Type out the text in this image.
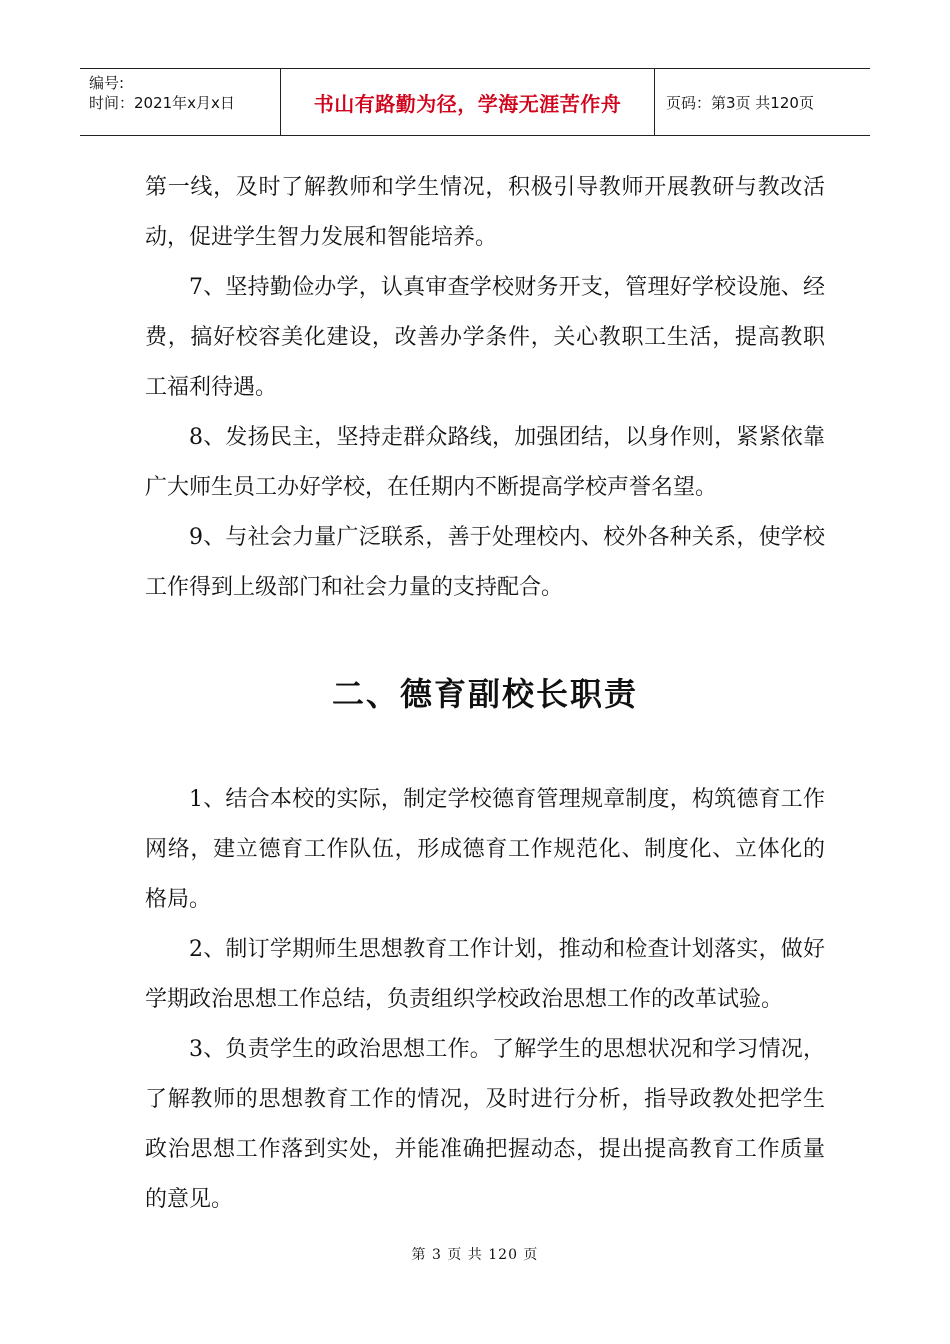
编号:
时间：2021年x月x日	书山有路勤为径，学海无涯苦作舟	页码：第3页 共120页

第一线，及时了解教师和学生情况，积极引导教师开展教研与教改活动，促进学生智力发展和智能培养。

7、坚持勤俭办学，认真审查学校财务开支，管理好学校设施、经费，搞好校容美化建设，改善办学条件，关心教职工生活，提高教职工福利待遇。

8、发扬民主，坚持走群众路线，加强团结，以身作则，紧紧依靠广大师生员工办好学校，在任期内不断提高学校声誉名望。

9、与社会力量广泛联系，善于处理校内、校外各种关系，使学校工作得到上级部门和社会力量的支持配合。

二、德育副校长职责

1、结合本校的实际，制定学校德育管理规章制度，构筑德育工作网络，建立德育工作队伍，形成德育工作规范化、制度化、立体化的格局。

2、制订学期师生思想教育工作计划，推动和检查计划落实，做好学期政治思想工作总结，负责组织学校政治思想工作的改革试验。

3、负责学生的政治思想工作。了解学生的思想状况和学习情况，了解教师的思想教育工作的情况，及时进行分析，指导政教处把学生政治思想工作落到实处，并能准确把握动态，提出提高教育工作质量的意见。

第 3 页 共 120 页
